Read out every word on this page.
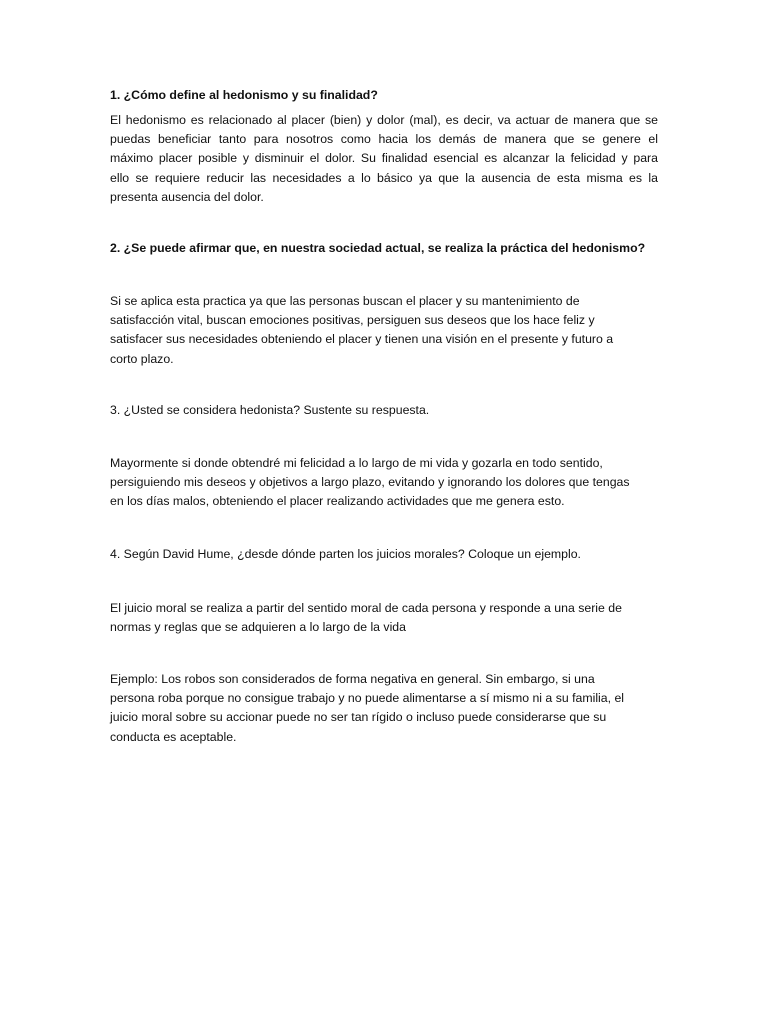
1. ¿Cómo define al hedonismo y su finalidad?

El hedonismo es relacionado al placer (bien) y dolor (mal), es decir, va actuar de manera que se
puedas beneficiar tanto para nosotros como hacia los demás de manera que se genere el
máximo placer posible y disminuir el dolor. Su finalidad esencial es alcanzar la felicidad y para
ello se requiere reducir las necesidades a lo básico ya que la ausencia de esta misma es la
presenta ausencia del dolor.

2. ¿Se puede afirmar que, en nuestra sociedad actual, se realiza la práctica del hedonismo?

Si se aplica esta practica ya que las personas buscan el placer y su mantenimiento de
satisfacción vital, buscan emociones positivas, persiguen sus deseos que los hace feliz y
satisfacer sus necesidades obteniendo el placer y tienen una visión en el presente y futuro a
corto plazo.

3. ¿Usted se considera hedonista? Sustente su respuesta.

Mayormente si donde obtendré mi felicidad a lo largo de mi vida y gozarla en todo sentido,
persiguiendo mis deseos y objetivos a largo plazo, evitando y ignorando los dolores que tengas
en los días malos, obteniendo el placer realizando actividades que me genera esto.

4. Según David Hume, ¿desde dónde parten los juicios morales? Coloque un ejemplo.

El juicio moral se realiza a partir del sentido moral de cada persona y responde a una serie de
normas y reglas que se adquieren a lo largo de la vida
Ejemplo: Los robos son considerados de forma negativa en general. Sin embargo, si una
persona roba porque no consigue trabajo y no puede alimentarse a sí mismo ni a su familia, el
juicio moral sobre su accionar puede no ser tan rígido o incluso puede considerarse que su
conducta es aceptable.
